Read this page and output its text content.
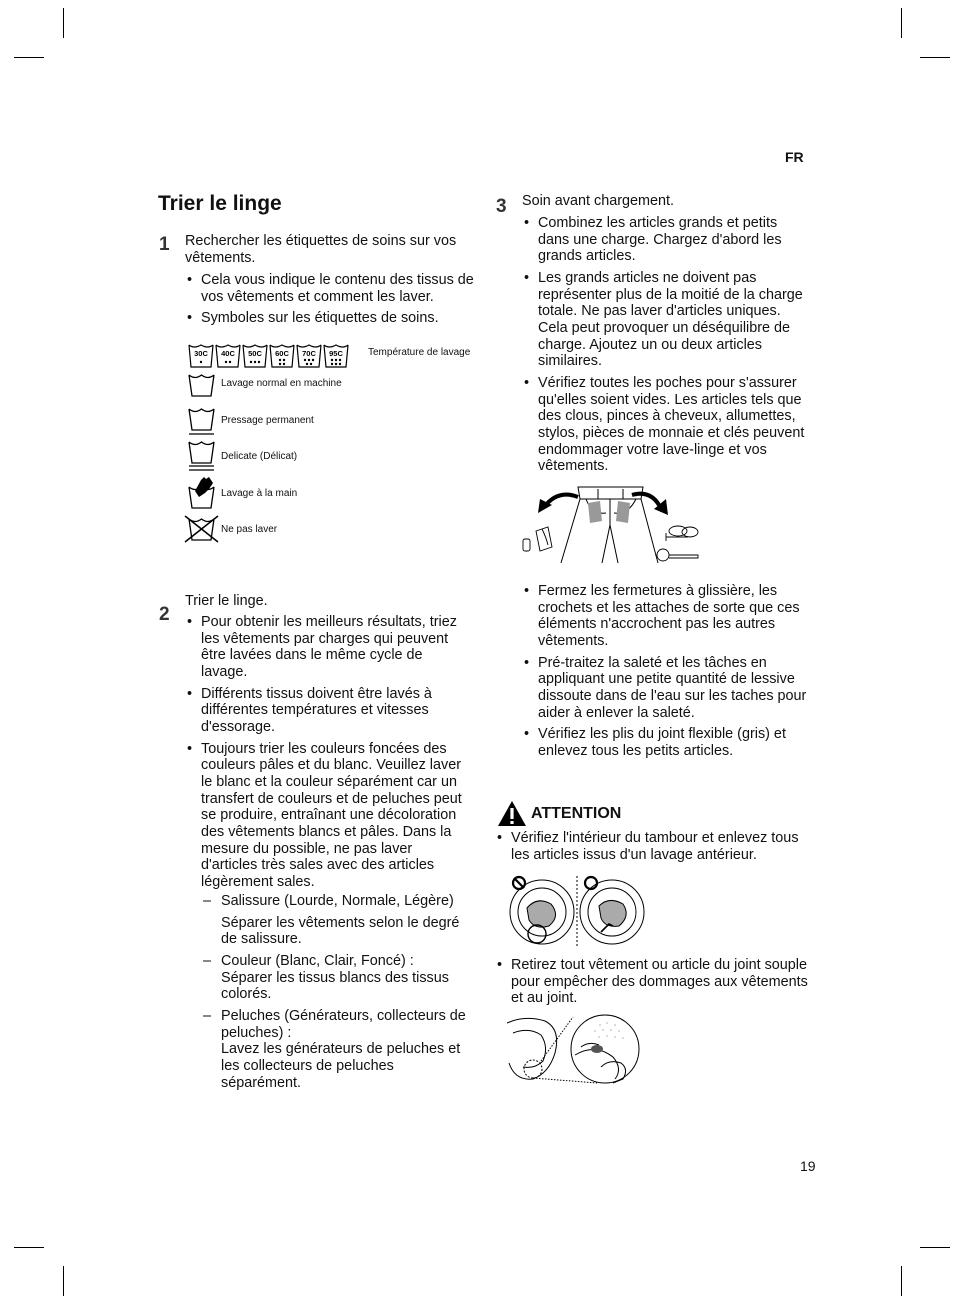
FR
Trier le linge
1 Rechercher les étiquettes de soins sur vos vêtements.
• Cela vous indique le contenu des tissus de vos vêtements et comment les laver.
• Symboles sur les étiquettes de soins.
30C 40C 50C 60C 70C 95C	Température de lavage
Lavage normal en machine
Pressage permanent
Delicate (Délicat)
Lavage à la main
Ne pas laver
2
Trier le linge.
• Pour obtenir les meilleurs résultats, triez les vêtements par charges qui peuvent être lavées dans le même cycle de lavage.
• Différents tissus doivent être lavés à différentes températures et vitesses d'essorage.
• Toujours trier les couleurs foncées des couleurs pâles et du blanc. Veuillez laver le blanc et la couleur séparément car un transfert de couleurs et de peluches peut se produire, entraînant une décoloration des vêtements blancs et pâles. Dans la mesure du possible, ne pas laver d'articles très sales avec des articles légèrement sales.
– Salissure (Lourde, Normale, Légère)
Séparer les vêtements selon le degré de salissure.
– Couleur (Blanc, Clair, Foncé) :
Séparer les tissus blancs des tissus colorés.
– Peluches (Générateurs, collecteurs de peluches) :
Lavez les générateurs de peluches et les collecteurs de peluches séparément.
3 Soin avant chargement.
• Combinez les articles grands et petits dans une charge. Chargez d'abord les grands articles.
• Les grands articles ne doivent pas représenter plus de la moitié de la charge totale. Ne pas laver d'articles uniques. Cela peut provoquer un déséquilibre de charge. Ajoutez un ou deux articles similaires.
• Vérifiez toutes les poches pour s'assurer qu'elles soient vides. Les articles tels que des clous, pinces à cheveux, allumettes, stylos, pièces de monnaie et clés peuvent endommager votre lave-linge et vos vêtements.
• Fermez les fermetures à glissière, les crochets et les attaches de sorte que ces éléments n'accrochent pas les autres vêtements.
• Pré-traitez la saleté et les tâches en appliquant une petite quantité de lessive dissoute dans de l'eau sur les taches pour aider à enlever la saleté.
• Vérifiez les plis du joint flexible (gris) et enlevez tous les petits articles.
ATTENTION
• Vérifiez l'intérieur du tambour et enlevez tous les articles issus d'un lavage antérieur.
• Retirez tout vêtement ou article du joint souple pour empêcher des dommages aux vêtements et au joint.
19
